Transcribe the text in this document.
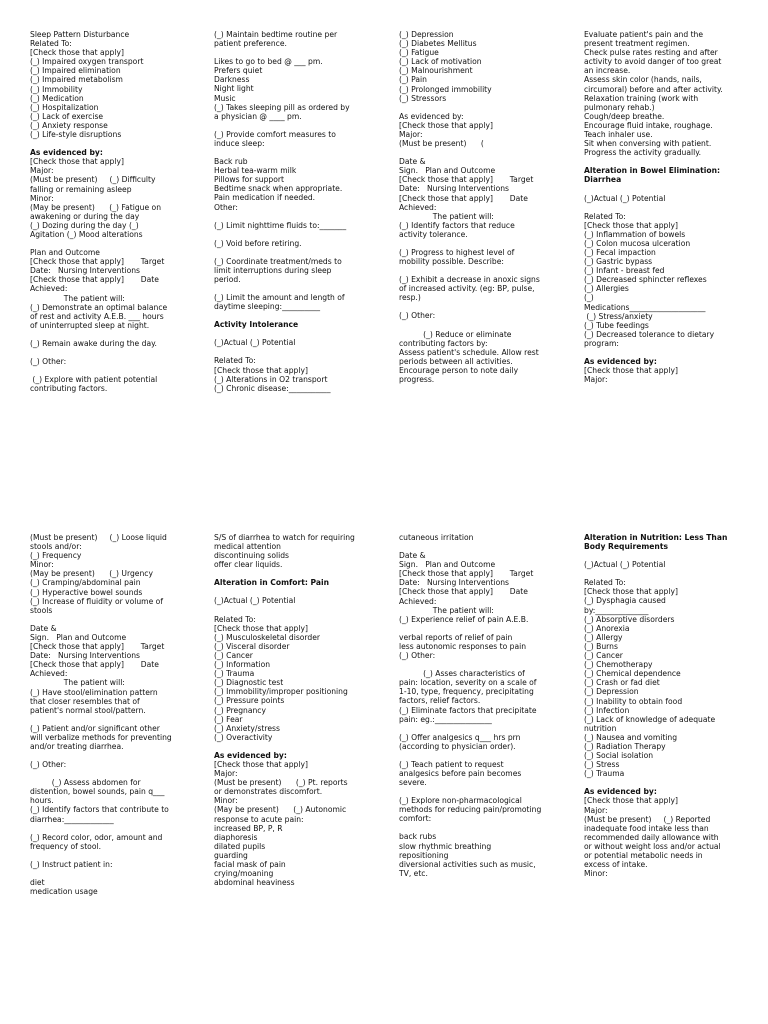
Sleep Pattern Disturbance

Related To:

[Check those that apply]

(_) Impaired oxygen transport

(_) Impaired elimination

(_) Impaired metabolism

(_) Immobility

(_) Medication

(_) Hospitalization

(_) Lack of exercise

(_) Anxiety response

(_) Life-style disruptions

As evidenced by:

[Check those that apply]

Major:

(Must be present)     (_) Difficulty

falling or remaining asleep

Minor:

(May be present)      (_) Fatigue on

awakening or during the day

(_) Dozing during the day (_)

Agitation (_) Mood alterations

Plan and Outcome

[Check those that apply]       Target

Date:   Nursing Interventions

[Check those that apply]       Date

Achieved:

The patient will:

(_) Demonstrate an optimal balance

of rest and activity A.E.B. ___ hours

of uninterrupted sleep at night.

(_) Remain awake during the day.

(_) Other:

(_) Explore with patient potential

contributing factors.

(_) Maintain bedtime routine per

patient preference.

Likes to go to bed @ ___ pm.

Prefers quiet

Darkness

Night light

Music

(_) Takes sleeping pill as ordered by

a physician @ ____ pm.

(_) Provide comfort measures to

induce sleep:

Back rub

Herbal tea-warm milk

Pillows for support

Bedtime snack when appropriate.

Pain medication if needed.

Other:

(_) Limit nighttime fluids to:_______

(_) Void before retiring.

(_) Coordinate treatment/meds to

limit interruptions during sleep

period.

(_) Limit the amount and length of

daytime sleeping:__________

Activity Intolerance

(_)Actual (_) Potential

Related To:

[Check those that apply]

(_) Alterations in O2 transport

(_) Chronic disease:___________

(_) Depression

(_) Diabetes Mellitus

(_) Fatigue

(_) Lack of motivation

(_) Malnourishment

(_) Pain

(_) Prolonged immobility

(_) Stressors

As evidenced by:

[Check those that apply]

Major:

(Must be present)      (

Date &

Sign.   Plan and Outcome

[Check those that apply]       Target

Date:   Nursing Interventions

[Check those that apply]       Date

Achieved:

The patient will:

(_) Identify factors that reduce

activity tolerance.

(_) Progress to highest level of

mobility possible. Describe:

(_) Exhibit a decrease in anoxic signs

of increased activity. (eg: BP, pulse,

resp.)

(_) Other:

(_) Reduce or eliminate

contributing factors by:

Assess patient's schedule. Allow rest

periods between all activities.

Encourage person to note daily

progress.

Evaluate patient's pain and the

present treatment regimen.

Check pulse rates resting and after

activity to avoid danger of too great

an increase.

Assess skin color (hands, nails,

circumoral) before and after activity.

Relaxation training (work with

pulmonary rehab.)

Cough/deep breathe.

Encourage fluid intake, roughage.

Teach inhaler use.

Sit when conversing with patient.

Progress the activity gradually.

Alteration in Bowel Elimination:

Diarrhea

(_)Actual (_) Potential

Related To:

[Check those that apply]

(_) Inflammation of bowels

(_) Colon mucosa ulceration

(_) Fecal impaction

(_) Gastric bypass

(_) Infant - breast fed

(_) Decreased sphincter reflexes

(_) Allergies

(_)

Medications____________________

(_) Stress/anxiety

(_) Tube feedings

(_) Decreased tolerance to dietary

program:

As evidenced by:

[Check those that apply]

Major:

(Must be present)     (_) Loose liquid

stools and/or:

(_) Frequency

Minor:

(May be present)      (_) Urgency

(_) Cramping/abdominal pain

(_) Hyperactive bowel sounds

(_) Increase of fluidity or volume of

stools

Date &

Sign.   Plan and Outcome

[Check those that apply]       Target

Date:   Nursing Interventions

[Check those that apply]       Date

Achieved:

The patient will:

(_) Have stool/elimination pattern

that closer resembles that of

patient's normal stool/pattern.

(_) Patient and/or significant other

will verbalize methods for preventing

and/or treating diarrhea.

(_) Other:

(_) Assess abdomen for

distention, bowel sounds, pain q___

hours.

(_) Identify factors that contribute to

diarrhea:_____________

(_) Record color, odor, amount and

frequency of stool.

(_) Instruct patient in:

diet

medication usage

S/S of diarrhea to watch for requiring

medical attention

discontinuing solids

offer clear liquids.

Alteration in Comfort: Pain

(_)Actual (_) Potential

Related To:

[Check those that apply]

(_) Musculoskeletal disorder

(_) Visceral disorder

(_) Cancer

(_) Information

(_) Trauma

(_) Diagnostic test

(_) Immobility/improper positioning

(_) Pressure points

(_) Pregnancy

(_) Fear

(_) Anxiety/stress

(_) Overactivity

As evidenced by:

[Check those that apply]

Major:

(Must be present)      (_) Pt. reports

or demonstrates discomfort.

Minor:

(May be present)      (_) Autonomic

response to acute pain:

increased BP, P, R

diaphoresis

dilated pupils

guarding

facial mask of pain

crying/moaning

abdominal heaviness

cutaneous irritation

Date &

Sign.   Plan and Outcome

[Check those that apply]       Target

Date:   Nursing Interventions

[Check those that apply]       Date

Achieved:

The patient will:

(_) Experience relief of pain A.E.B.

verbal reports of relief of pain

less autonomic responses to pain

(_) Other:

(_) Asses characteristics of

pain: location, severity on a scale of

1-10, type, frequency, precipitating

factors, relief factors.

(_) Eliminate factors that precipitate

pain: eg.:_______________

(_) Offer analgesics q___ hrs prn

(according to physician order).

(_) Teach patient to request

analgesics before pain becomes

severe.

(_) Explore non-pharmacological

methods for reducing pain/promoting

comfort:

back rubs

slow rhythmic breathing

repositioning

diversional activities such as music,

TV, etc.

Alteration in Nutrition: Less Than

Body Requirements

(_)Actual (_) Potential

Related To:

[Check those that apply]

(_) Dysphagia caused

by:______________

(_) Absorptive disorders

(_) Anorexia

(_) Allergy

(_) Burns

(_) Cancer

(_) Chemotherapy

(_) Chemical dependence

(_) Crash or fad diet

(_) Depression

(_) Inability to obtain food

(_) Infection

(_) Lack of knowledge of adequate

nutrition

(_) Nausea and vomiting

(_) Radiation Therapy

(_) Social isolation

(_) Stress

(_) Trauma

As evidenced by:

[Check those that apply]

Major:

(Must be present)     (_) Reported

inadequate food intake less than

recommended daily allowance with

or without weight loss and/or actual

or potential metabolic needs in

excess of intake.

Minor:
